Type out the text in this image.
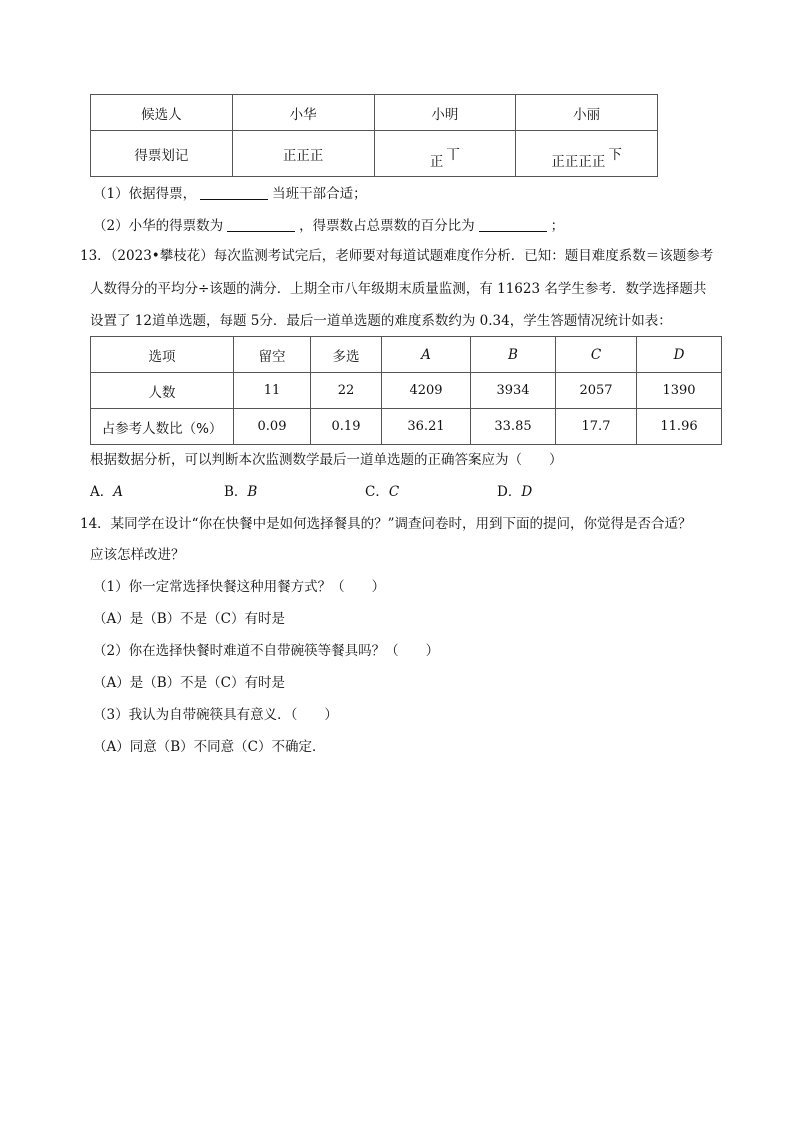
候选人	小华	小明	小丽
得票划记	正正正	正 丅	正正正正 下
（1）依据得票，	当班干部合适；
（2）小华的得票数为	，得票数占总票数的百分比为	；
13．（2023•攀枝花）每次监测考试完后，老师要对每道试题难度作分析．已知：题目难度系数＝该题参考
人数得分的平均分÷该题的满分．上期全市八年级期末质量监测，有 11623 名学生参考．数学选择题共
设置了 12道单选题，每题 5分．最后一道单选题的难度系数约为 0.34，学生答题情况统计如表：
选项	留空	多选	A	B	C	D
人数	11	22	4209	3934	2057	1390
占参考人数比（%）	0.09	0.19	36.21	33.85	17.7	11.96
根据数据分析，可以判断本次监测数学最后一道单选题的正确答案应为（　　）
A．A	B．B	C．C	D．D
14．某同学在设计“你在快餐中是如何选择餐具的？”调查问卷时，用到下面的提问，你觉得是否合适？
应该怎样改进？
（1）你一定常选择快餐这种用餐方式？（　　）
（A）是（B）不是（C）有时是
（2）你在选择快餐时难道不自带碗筷等餐具吗？（　　）
（A）是（B）不是（C）有时是
（3）我认为自带碗筷具有意义．（　　）
（A）同意（B）不同意（C）不确定．
